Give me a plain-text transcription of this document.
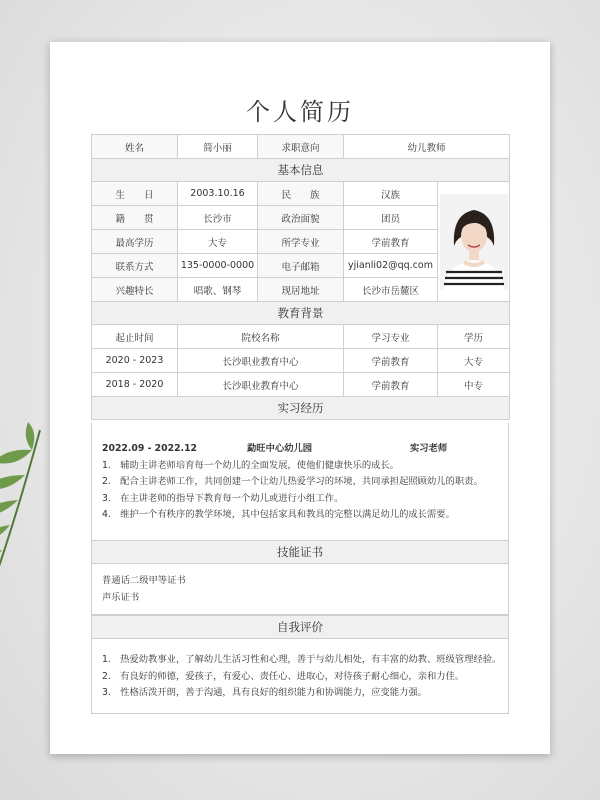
个人简历
姓名	简小丽	求职意向	幼儿教师	
基本信息				
生　　日	2003.10.16	民　　族	汉族	

籍　　贯	长沙市	政治面貌	团员	
最高学历	大专	所学专业	学前教育	
联系方式	135-0000-0000	电子邮箱	yjianli02@qq.com	
兴趣特长	唱歌、钢琴	现居地址	长沙市岳麓区	
教育背景				
起止时间	院校名称		学习专业	学历
2020 - 2023	长沙职业教育中心		学前教育	大专
2018 - 2020	长沙职业教育中心		学前教育	中专
实习经历				
2022.09 - 2022.12	勐旺中心幼儿园	实习老师
1.　辅助主讲老师培育每一个幼儿的全面发展，使他们健康快乐的成长。
2.　配合主讲老师工作，共同创建一个让幼儿热爱学习的环境，共同承担起照顾幼儿的职责。
3.　在主讲老师的指导下教育每一个幼儿或进行小组工作。
4.　维护一个有秩序的教学环境，其中包括家具和教具的完整以满足幼儿的成长需要。
技能证书
普通话二级甲等证书
声乐证书
自我评价
1.　热爱幼教事业，了解幼儿生活习性和心理，善于与幼儿相处，有丰富的幼教、班级管理经验。
2.　有良好的师德，爱孩子，有爱心、责任心、进取心，对待孩子耐心细心，亲和力佳。
3.　性格活泼开朗，善于沟通，具有良好的组织能力和协调能力，应变能力强。
